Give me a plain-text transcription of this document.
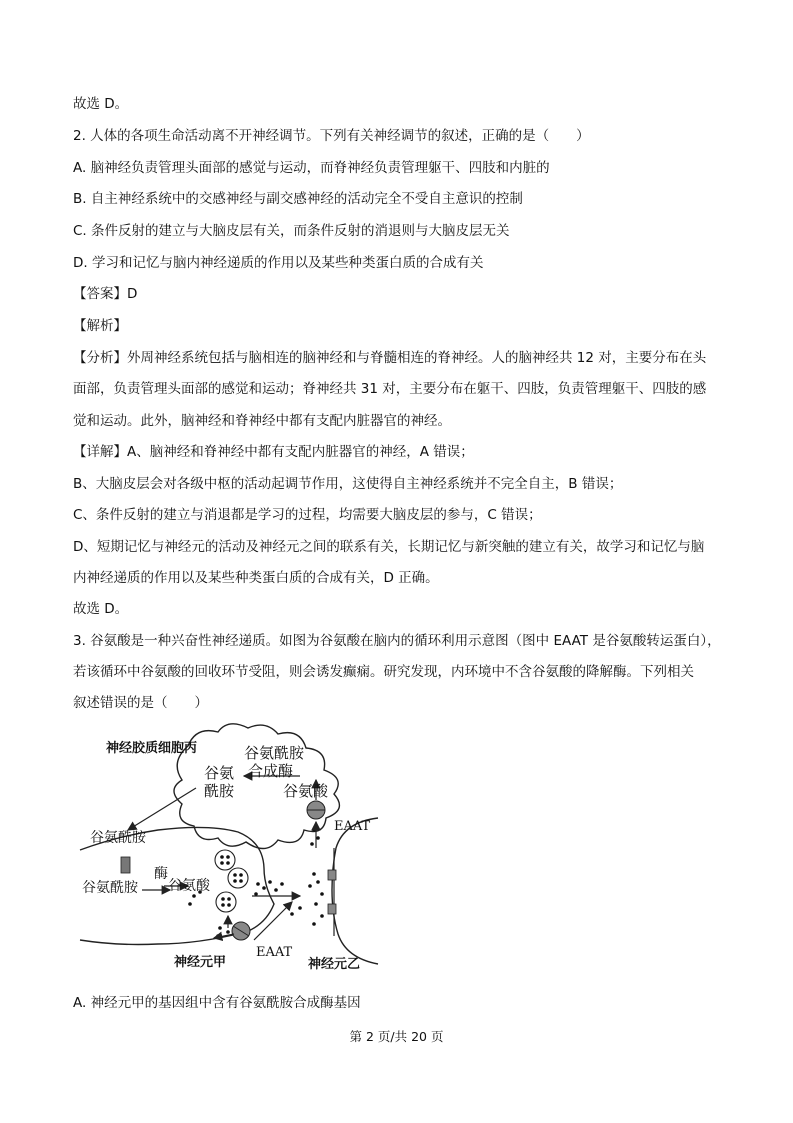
故选 D。
2. 人体的各项生命活动离不开神经调节。下列有关神经调节的叙述，正确的是（　　）
A. 脑神经负责管理头面部的感觉与运动，而脊神经负责管理躯干、四肢和内脏的
B. 自主神经系统中的交感神经与副交感神经的活动完全不受自主意识的控制
C. 条件反射的建立与大脑皮层有关，而条件反射的消退则与大脑皮层无关
D. 学习和记忆与脑内神经递质的作用以及某些种类蛋白质的合成有关
【答案】D
【解析】
【分析】外周神经系统包括与脑相连的脑神经和与脊髓相连的脊神经。人的脑神经共 12 对，主要分布在头
面部，负责管理头面部的感觉和运动；脊神经共 31 对，主要分布在躯干、四肢，负责管理躯干、四肢的感
觉和运动。此外，脑神经和脊神经中都有支配内脏器官的神经。
【详解】A、脑神经和脊神经中都有支配内脏器官的神经，A 错误；
B、大脑皮层会对各级中枢的活动起调节作用，这使得自主神经系统并不完全自主，B 错误；
C、条件反射的建立与消退都是学习的过程，均需要大脑皮层的参与，C 错误；
D、短期记忆与神经元的活动及神经元之间的联系有关，长期记忆与新突触的建立有关，故学习和记忆与脑
内神经递质的作用以及某些种类蛋白质的合成有关，D 正确。
故选 D。
3. 谷氨酸是一种兴奋性神经递质。如图为谷氨酸在脑内的循环利用示意图（图中 EAAT 是谷氨酸转运蛋白），
若该循环中谷氨酸的回收环节受阻，则会诱发癫痫。研究发现，内环境中不含谷氨酸的降解酶。下列相关
叙述错误的是（　　）
神经胶质细胞丙	谷氨酰胺
合成酶
谷氨
酰胺	谷氨酸
EAAT
谷氨酰胺
酶
谷氨酰胺 谷氨酸
EAAT
神经元甲	神经元乙
A. 神经元甲的基因组中含有谷氨酰胺合成酶基因
第 2 页/共 20 页
